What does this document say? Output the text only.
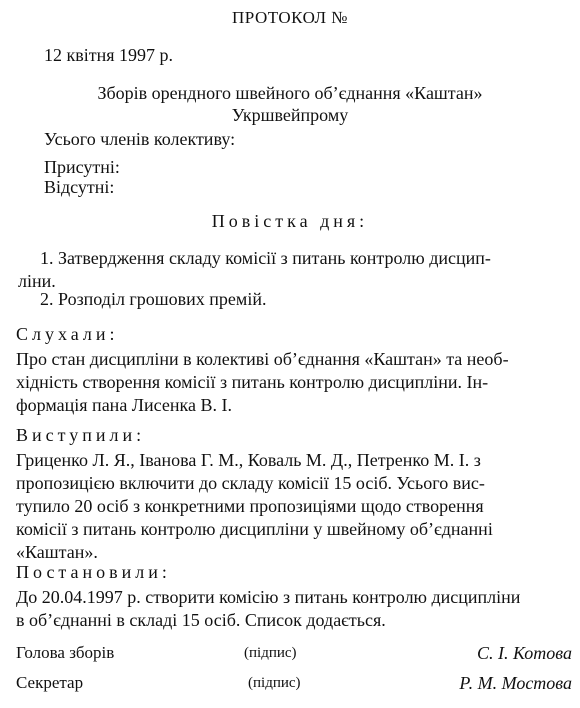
ПРОТОКОЛ №
12 квітня 1997 р.
Зборів орендного швейного об’єднання «Каштан»
Укршвейпрому
Усього членів колективу:
Присутні:
Відсутні:
Повістка дня:
1. Затвердження складу комісії з питань контролю дисцип-
ліни.
2. Розподіл грошових премій.
Слухали:
Про стан дисципліни в колективі об’єднання «Каштан» та необ-
хідність створення комісії з питань контролю дисципліни. Ін-
формація пана Лисенка В. І.
Виступили:
Гриценко Л. Я., Іванова Г. М., Коваль М. Д., Петренко М. І. з
пропозицією включити до складу комісії 15 осіб. Усього вис-
тупило 20 осіб з конкретними пропозиціями щодо створення
комісії з питань контролю дисципліни у швейному об’єднанні
«Каштан».
Постановили:
До 20.04.1997 р. створити комісію з питань контролю дисципліни
в об’єднанні в складі 15 осіб. Список додається.
Голова зборів	(підпис)	С. І. Котова
Секретар	(підпис)	Р. М. Мостова
